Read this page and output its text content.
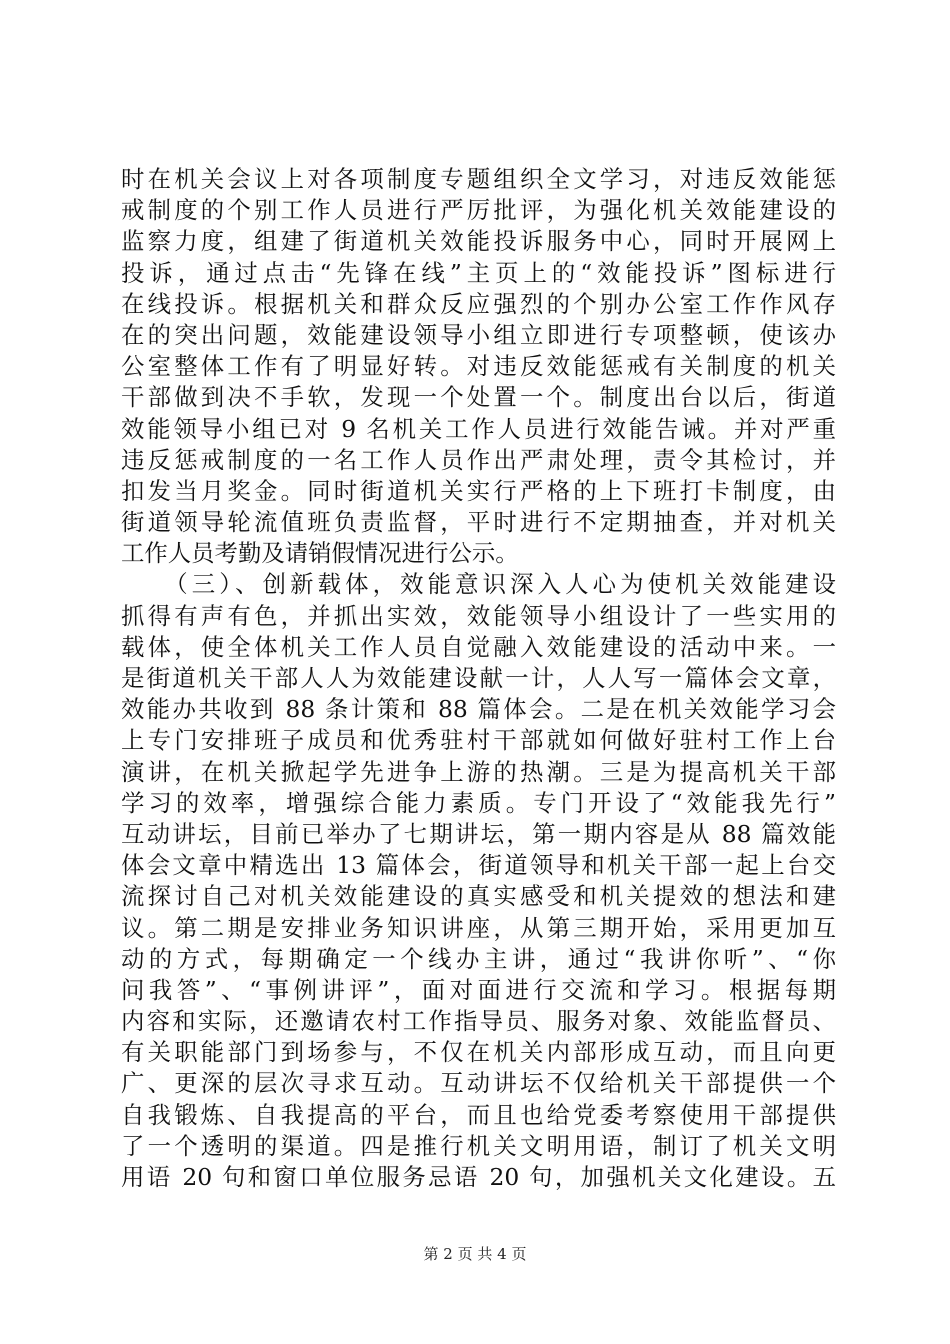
时在机关会议上对各项制度专题组织全文学习，对违反效能惩
戒制度的个别工作人员进行严厉批评，为强化机关效能建设的
监察力度，组建了街道机关效能投诉服务中心，同时开展网上
投诉，通过点击“先锋在线”主页上的“效能投诉”图标进行
在线投诉。根据机关和群众反应强烈的个别办公室工作作风存
在的突出问题，效能建设领导小组立即进行专项整顿，使该办
公室整体工作有了明显好转。对违反效能惩戒有关制度的机关
干部做到决不手软，发现一个处置一个。制度出台以后，街道
效能领导小组已对 9 名机关工作人员进行效能告诫。并对严重
违反惩戒制度的一名工作人员作出严肃处理，责令其检讨，并
扣发当月奖金。同时街道机关实行严格的上下班打卡制度，由
街道领导轮流值班负责监督，平时进行不定期抽查，并对机关
工作人员考勤及请销假情况进行公示。
　　（三）、创新载体，效能意识深入人心为使机关效能建设
抓得有声有色，并抓出实效，效能领导小组设计了一些实用的
载体，使全体机关工作人员自觉融入效能建设的活动中来。一
是街道机关干部人人为效能建设献一计，人人写一篇体会文章，
效能办共收到 88 条计策和 88 篇体会。二是在机关效能学习会
上专门安排班子成员和优秀驻村干部就如何做好驻村工作上台
演讲，在机关掀起学先进争上游的热潮。三是为提高机关干部
学习的效率，增强综合能力素质。专门开设了“效能我先行”
互动讲坛，目前已举办了七期讲坛，第一期内容是从 88 篇效能
体会文章中精选出 13 篇体会，街道领导和机关干部一起上台交
流探讨自己对机关效能建设的真实感受和机关提效的想法和建
议。第二期是安排业务知识讲座，从第三期开始，采用更加互
动的方式，每期确定一个线办主讲，通过“我讲你听”、“你
问我答”、“事例讲评”，面对面进行交流和学习。根据每期
内容和实际，还邀请农村工作指导员、服务对象、效能监督员、
有关职能部门到场参与，不仅在机关内部形成互动，而且向更
广、更深的层次寻求互动。互动讲坛不仅给机关干部提供一个
自我锻炼、自我提高的平台，而且也给党委考察使用干部提供
了一个透明的渠道。四是推行机关文明用语，制订了机关文明
用语 20 句和窗口单位服务忌语 20 句，加强机关文化建设。五
第 2 页 共 4 页
